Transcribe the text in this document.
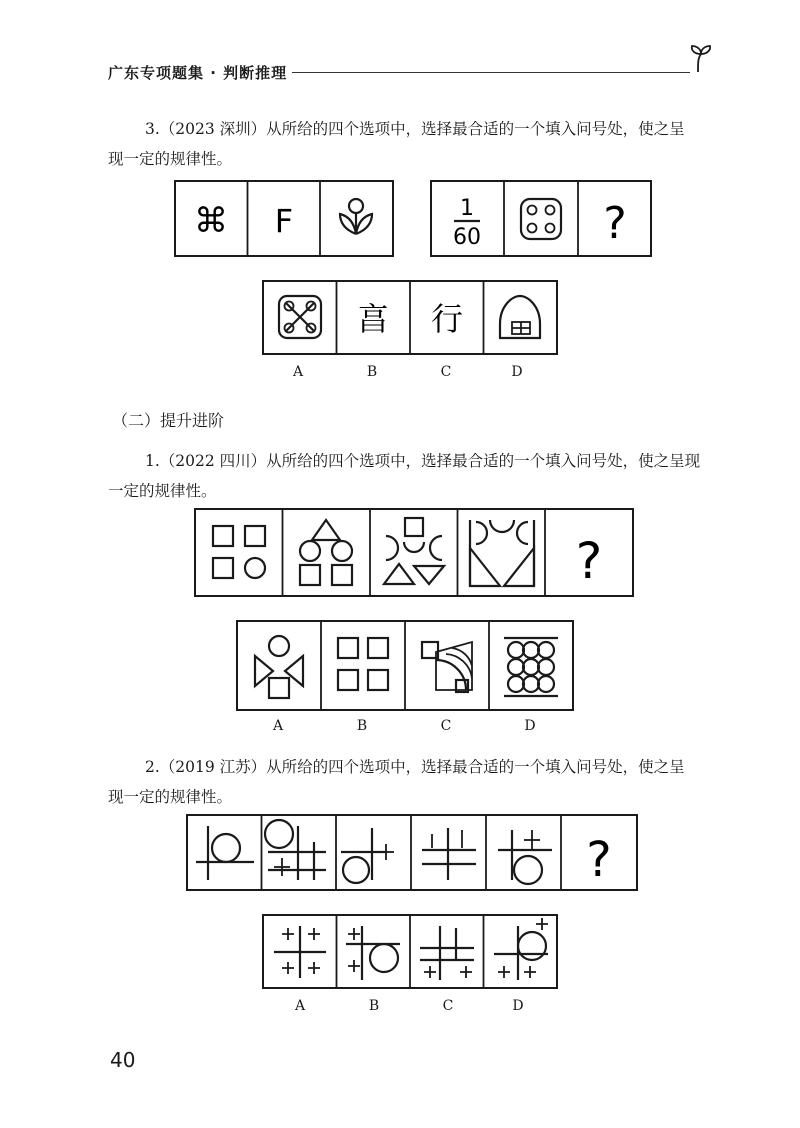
广东专项题集 · 判断推理
3.（2023 深圳）从所给的四个选项中，选择最合适的一个填入问号处，使之呈
现一定的规律性。
⌘ F	1
60	?
亯 行
A	B	C	D
（二）提升进阶
1.（2022 四川）从所给的四个选项中，选择最合适的一个填入问号处，使之呈现
一定的规律性。
?
A	B	C	D
2.（2019 江苏）从所给的四个选项中，选择最合适的一个填入问号处，使之呈
现一定的规律性。
?
A	B	C	D
40
